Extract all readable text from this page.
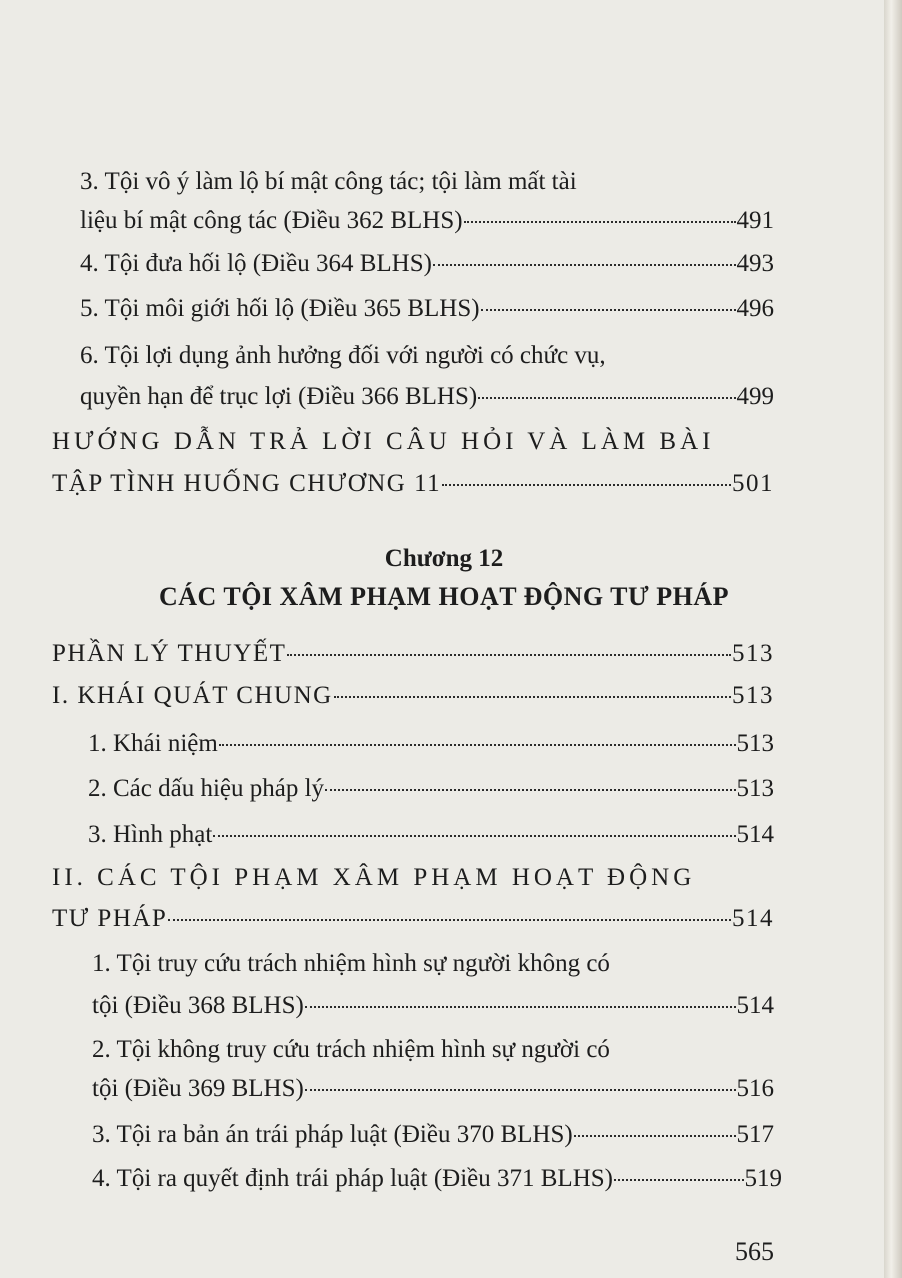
3. Tội vô ý làm lộ bí mật công tác; tội làm mất tài
liệu bí mật công tác (Điều 362 BLHS)	491
4. Tội đưa hối lộ (Điều 364 BLHS)	493
5. Tội môi giới hối lộ (Điều 365 BLHS)	496
6. Tội lợi dụng ảnh hưởng đối với người có chức vụ,
quyền hạn để trục lợi (Điều 366 BLHS)	499
HƯỚNG DẪN TRẢ LỜI CÂU HỎI VÀ LÀM BÀI
TẬP TÌNH HUỐNG CHƯƠNG 11	501
Chương 12
CÁC TỘI XÂM PHẠM HOẠT ĐỘNG TƯ PHÁP
PHẦN LÝ THUYẾT	513
I. KHÁI QUÁT CHUNG	513
1. Khái niệm	513
2. Các dấu hiệu pháp lý	513
3. Hình phạt	514
II. CÁC TỘI PHẠM XÂM PHẠM HOẠT ĐỘNG
TƯ PHÁP	514
1. Tội truy cứu trách nhiệm hình sự người không có
tội (Điều 368 BLHS)	514
2. Tội không truy cứu trách nhiệm hình sự người có
tội (Điều 369 BLHS)	516
3. Tội ra bản án trái pháp luật (Điều 370 BLHS)	517
4. Tội ra quyết định trái pháp luật (Điều 371 BLHS)	519
565
